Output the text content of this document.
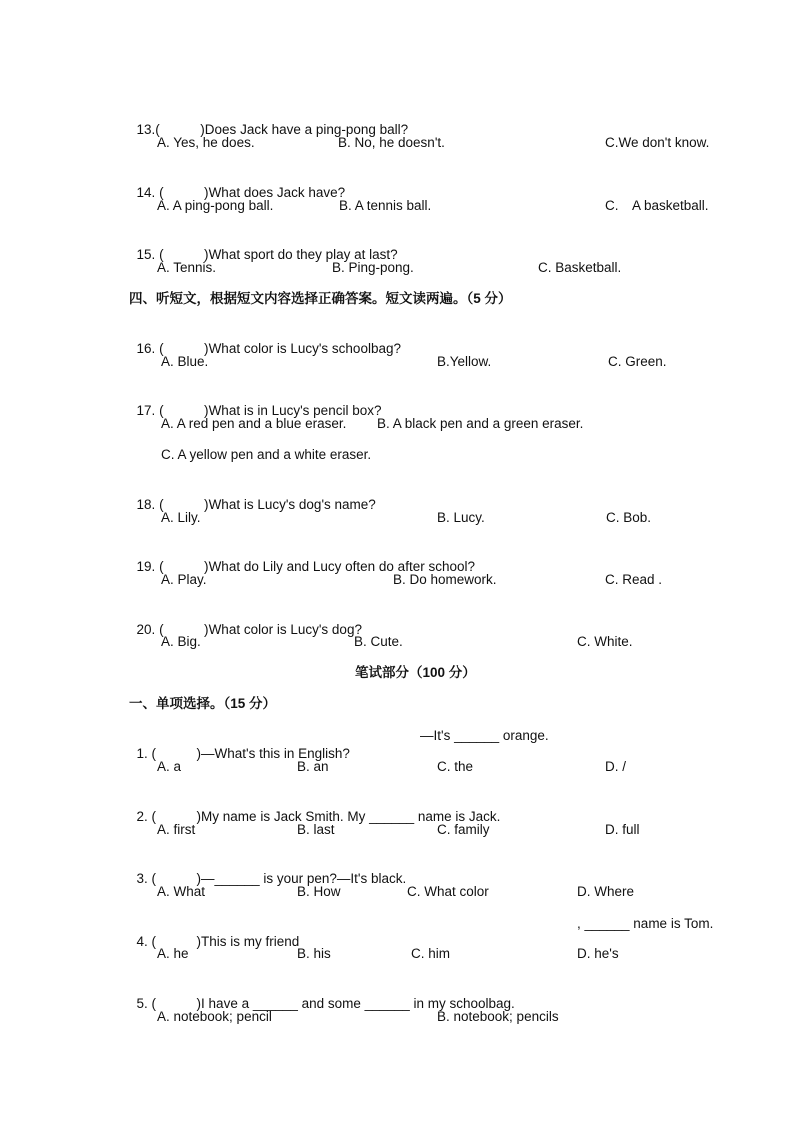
13.(　　　)Does Jack have a ping-pong ball?

A. Yes, he does.	B. No, he doesn't.	C.We don't know.

14. (　　　)What does Jack have?

A. A ping-pong ball.	B. A tennis ball.	C.　A basketball.

15. (　　　)What sport do they play at last?

A. Tennis.	B. Ping-pong.	C. Basketball.
四、听短文，根据短文内容选择正确答案。短文读两遍。（5 分）

16. (　　　)What color is Lucy's schoolbag?

A. Blue.	B.Yellow.	C. Green.

17. (　　　)What is in Lucy's pencil box?

A. A red pen and a blue eraser. B. A black pen and a green eraser.
C. A yellow pen and a white eraser.

18. (　　　)What is Lucy's dog's name?

A. Lily.	B. Lucy.	C. Bob.

19. (　　　)What do Lily and Lucy often do after school?

A. Play.	B. Do homework.	C. Read .

20. (　　　)What color is Lucy's dog?

A. Big.	B. Cute.	C. White.
笔试部分（100 分）
一、单项选择。（15 分）

1. (　　　)—What's this in English?

—It's ______ orange.
A. a	B. an	C. the	D. /

2. (　　　)My name is Jack Smith. My ______ name is Jack.

A. first	B. last	C. family	D. full

3. (　　　)—______ is your pen?—It's black.

A. What	B. How	C. What color	D. Where

4. (　　　)This is my friend

, ______ name is Tom.
A. he	B. his	C. him	D. he's

5. (　　　)I have a ______ and some ______ in my schoolbag.

A. notebook; pencil	B. notebook; pencils
